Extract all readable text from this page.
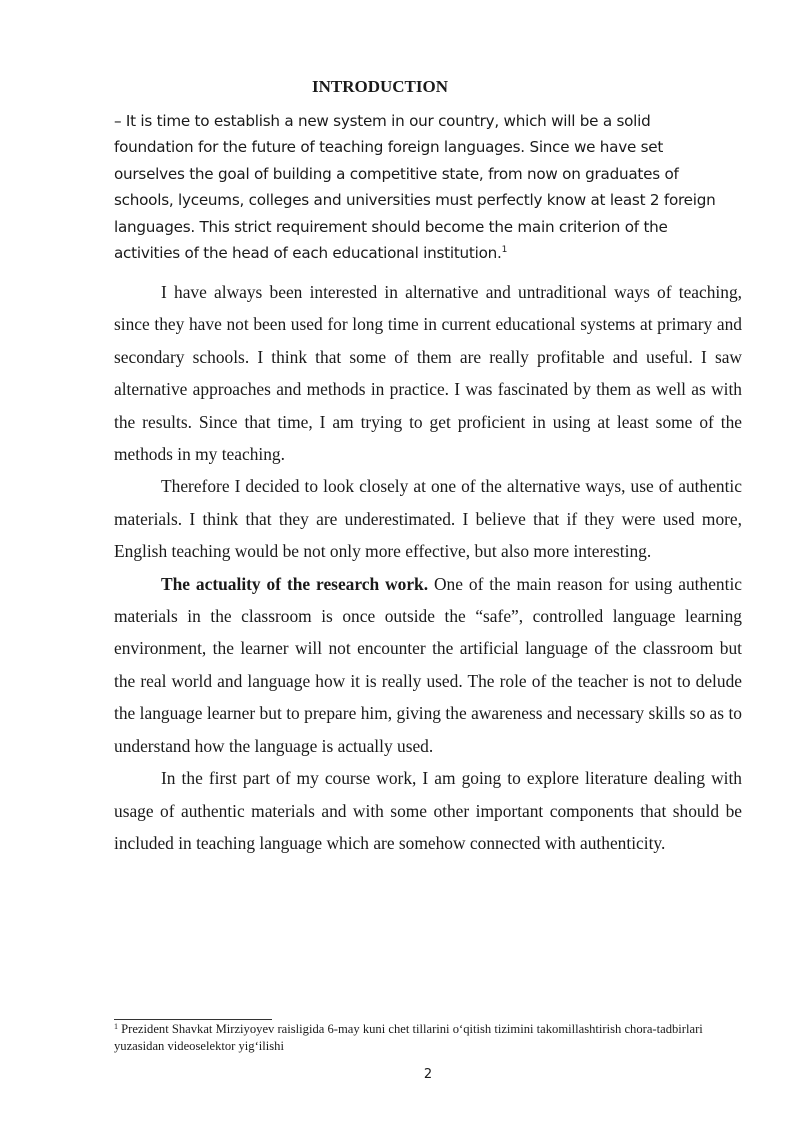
INTRODUCTION
– It is time to establish a new system in our country, which will be a solid foundation for the future of teaching foreign languages. Since we have set ourselves the goal of building a competitive state, from now on graduates of schools, lyceums, colleges and universities must perfectly know at least 2 foreign languages. This strict requirement should become the main criterion of the activities of the head of each educational institution.$^1$

I have always been interested in alternative and untraditional ways of teaching, since they have not been used for long time in current educational systems at primary and secondary schools. I think that some of them are really profitable and useful. I saw alternative approaches and methods in practice. I was fascinated by them as well as with the results. Since that time, I am trying to get proficient in using at least some of the methods in my teaching.

Therefore I decided to look closely at one of the alternative ways, use of authentic materials. I think that they are underestimated. I believe that if they were used more, English teaching would be not only more effective, but also more interesting.

The actuality of the research work. One of the main reason for using authentic materials in the classroom is once outside the “safe”, controlled language learning environment, the learner will not encounter the artificial language of the classroom but the real world and language how it is really used. The role of the teacher is not to delude the language learner but to prepare him, giving the awareness and necessary skills so as to understand how the language is actually used.

In the first part of my course work, I am going to explore literature dealing with usage of authentic materials and with some other important components that should be included in teaching language which are somehow connected with authenticity.

$^1$ Prezident Shavkat Mirziyoyev raisligida 6-may kuni chet tillarini oʻqitish tizimini takomillashtirish chora-tadbirlari yuzasidan videoselektor yigʻilishi
2
